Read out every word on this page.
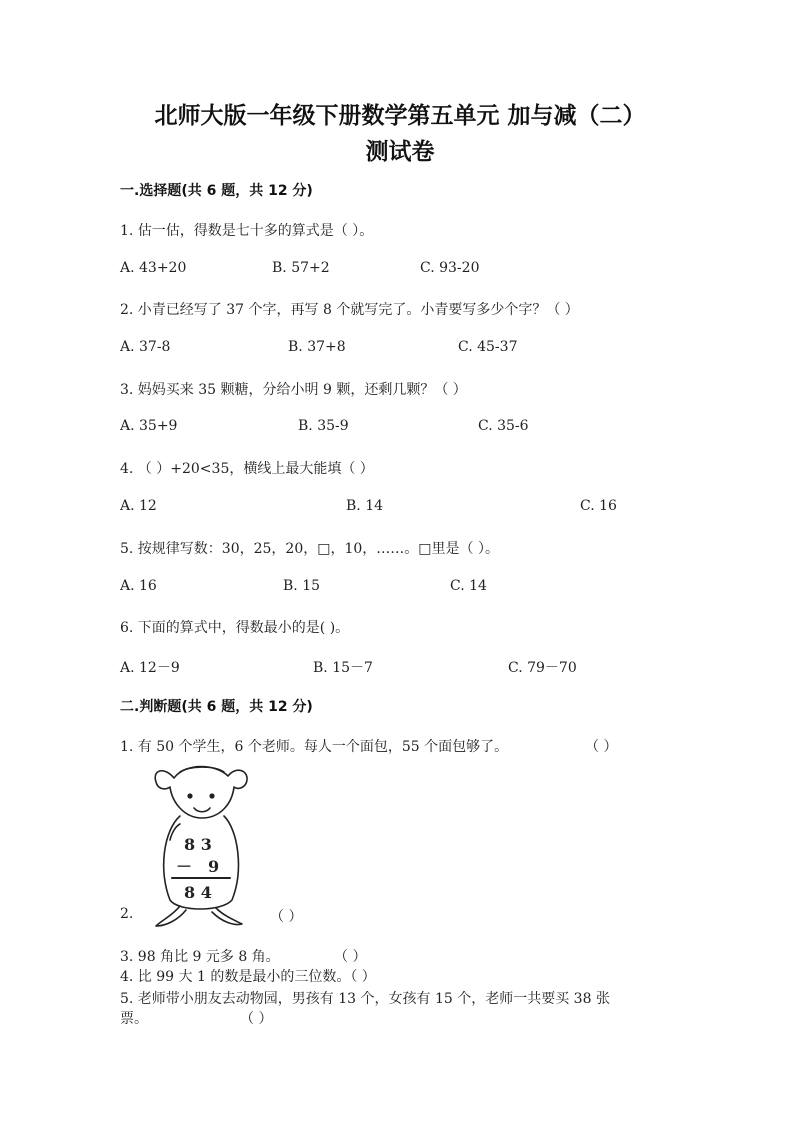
北师大版一年级下册数学第五单元 加与减（二）
测试卷
一.选择题(共 6 题，共 12 分)
1. 估一估，得数是七十多的算式是（ ）。
A. 43+20	B. 57+2	C. 93-20
2. 小青已经写了 37 个字，再写 8 个就写完了。小青要写多少个字？（ ）
A. 37-8	B. 37+8	C. 45-37
3. 妈妈买来 35 颗糖，分给小明 9 颗，还剩几颗？（ ）
A. 35+9	B. 35-9	C. 35-6
4. （ ）+20<35，横线上最大能填（ ）
A. 12	B. 14	C. 16
5. 按规律写数：30，25，20，□，10，……。□里是（ ）。
A. 16	B. 15	C. 14
6. 下面的算式中，得数最小的是( )。
A. 12－9	B. 15－7	C. 79－70
二.判断题(共 6 题，共 12 分)
1. 有 50 个学生，6 个老师。每人一个面包，55 个面包够了。	（ ）
8 3
－ 9
8 4
2.	（ ）
3. 98 角比 9 元多 8 角。	（ ）
4. 比 99 大 1 的数是最小的三位数。（ ）
5. 老师带小朋友去动物园，男孩有 13 个，女孩有 15 个，老师一共要买 38 张
票。	（ ）
